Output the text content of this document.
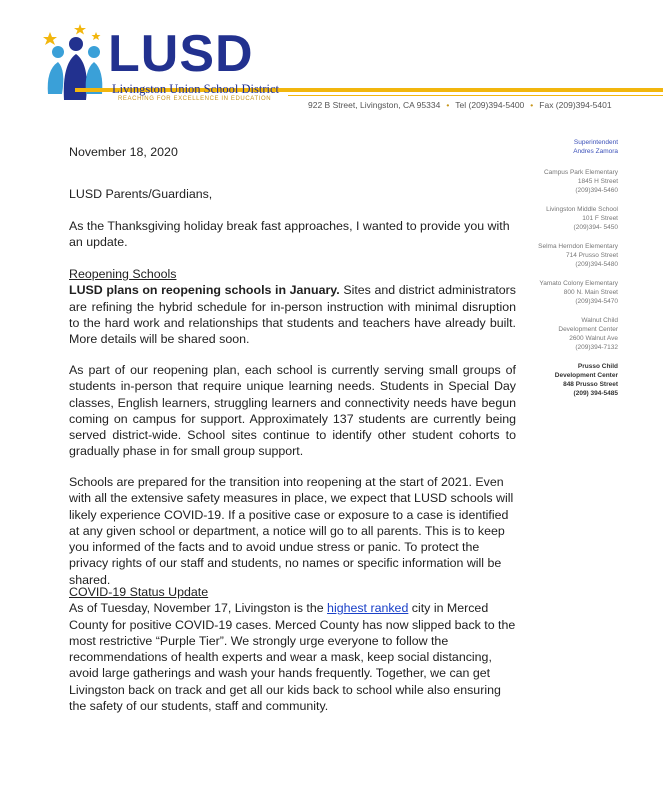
LUSD
Livingston Union School District
REACHING FOR EXCELLENCE IN EDUCATION
922 B Street, Livingston, CA 95334 • Tel (209)394-5400 • Fax (209)394-5401
Superintendent
Andres Zamora
Campus Park Elementary
1845 H Street
(209)394-5460
Livingston Middle School
101 F Street
(209)394- 5450
Selma Herndon Elementary
714 Prusso Street
(209)394-5480
Yamato Colony Elementary
800 N. Main Street
(209)394-5470
Walnut Child
Development Center
2600 Walnut Ave
(209)394-7132
Prusso Child
Development Center
848 Prusso Street
(209) 394-5485
November 18, 2020
LUSD Parents/Guardians,
As the Thanksgiving holiday break fast approaches, I wanted to provide you with an update.
Reopening Schools
LUSD plans on reopening schools in January. Sites and district administrators are refining the hybrid schedule for in-person instruction with minimal disruption to the hard work and relationships that students and teachers have already built. More details will be shared soon.
As part of our reopening plan, each school is currently serving small groups of students in-person that require unique learning needs. Students in Special Day classes, English learners, struggling learners and connectivity needs have begun coming on campus for support. Approximately 137 students are currently being served district-wide. School sites continue to identify other student cohorts to gradually phase in for small group support.
Schools are prepared for the transition into reopening at the start of 2021. Even with all the extensive safety measures in place, we expect that LUSD schools will likely experience COVID-19. If a positive case or exposure to a case is identified at any given school or department, a notice will go to all parents. This is to keep you informed of the facts and to avoid undue stress or panic. To protect the privacy rights of our staff and students, no names or specific information will be shared.
COVID-19 Status Update
As of Tuesday, November 17, Livingston is the highest ranked city in Merced County for positive COVID-19 cases. Merced County has now slipped back to the most restrictive “Purple Tier”. We strongly urge everyone to follow the recommendations of health experts and wear a mask, keep social distancing, avoid large gatherings and wash your hands frequently. Together, we can get Livingston back on track and get all our kids back to school while also ensuring the safety of our students, staff and community.
